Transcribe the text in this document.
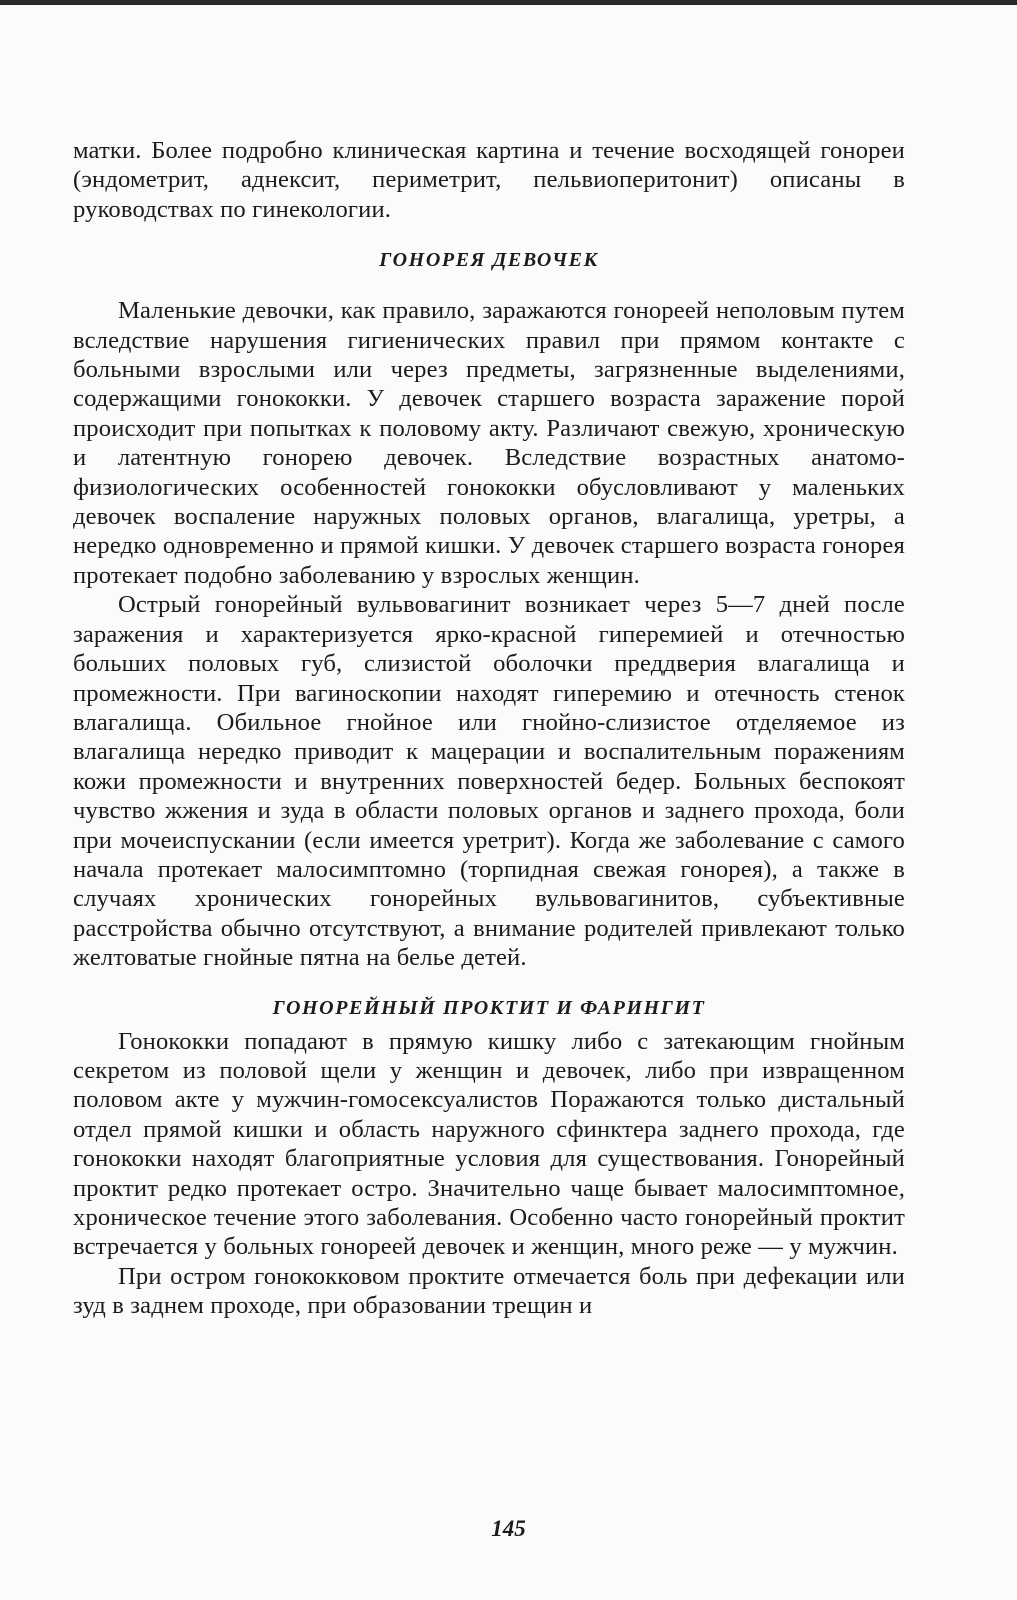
матки. Более подробно клиническая картина и течение восходящей гонореи (эндометрит, аднексит, периметрит, пельвиоперитонит) описаны в руководствах по гинекологии.

ГОНОРЕЯ ДЕВОЧЕК

Маленькие девочки, как правило, заражаются гонореей неполовым путем вследствие нарушения гигиенических правил при прямом контакте с больными взрослыми или через предметы, загрязненные выделениями, содержащими гонококки. У девочек старшего возраста заражение порой происходит при попытках к половому акту. Различают свежую, хроническую и латентную гонорею девочек. Вследствие возрастных анатомо-физиологических особенностей гонококки обусловливают у маленьких девочек воспаление наружных половых органов, влагалища, уретры, а нередко одновременно и прямой кишки. У девочек старшего возраста гонорея протекает подобно заболеванию у взрослых женщин.

Острый гонорейный вульвовагинит возникает через 5—7 дней после заражения и характеризуется ярко-красной гиперемией и отечностью больших половых губ, слизистой оболочки преддверия влагалища и промежности. При вагиноскопии находят гиперемию и отечность стенок влагалища. Обильное гнойное или гнойно-слизистое отделяемое из влагалища нередко приводит к мацерации и воспалительным поражениям кожи промежности и внутренних поверхностей бедер. Больных беспокоят чувство жжения и зуда в области половых органов и заднего прохода, боли при мочеиспускании (если имеется уретрит). Когда же заболевание с самого начала протекает малосимптомно (торпидная свежая гонорея), а также в случаях хронических гонорейных вульвовагинитов, субъективные расстройства обычно отсутствуют, а внимание родителей привлекают только желтоватые гнойные пятна на белье детей.

ГОНОРЕЙНЫЙ ПРОКТИТ И ФАРИНГИТ

Гонококки попадают в прямую кишку либо с затекающим гнойным секретом из половой щели у женщин и девочек, либо при извращенном половом акте у мужчин-гомосексуалистов Поражаются только дистальный отдел прямой кишки и область наружного сфинктера заднего прохода, где гонококки находят благоприятные условия для существования. Гонорейный проктит редко протекает остро. Значительно чаще бывает малосимптомное, хроническое течение этого заболевания. Особенно часто гонорейный проктит встречается у больных гонореей девочек и женщин, много реже — у мужчин.

При остром гонококковом проктите отмечается боль при дефекации или зуд в заднем проходе, при образовании трещин и

145
